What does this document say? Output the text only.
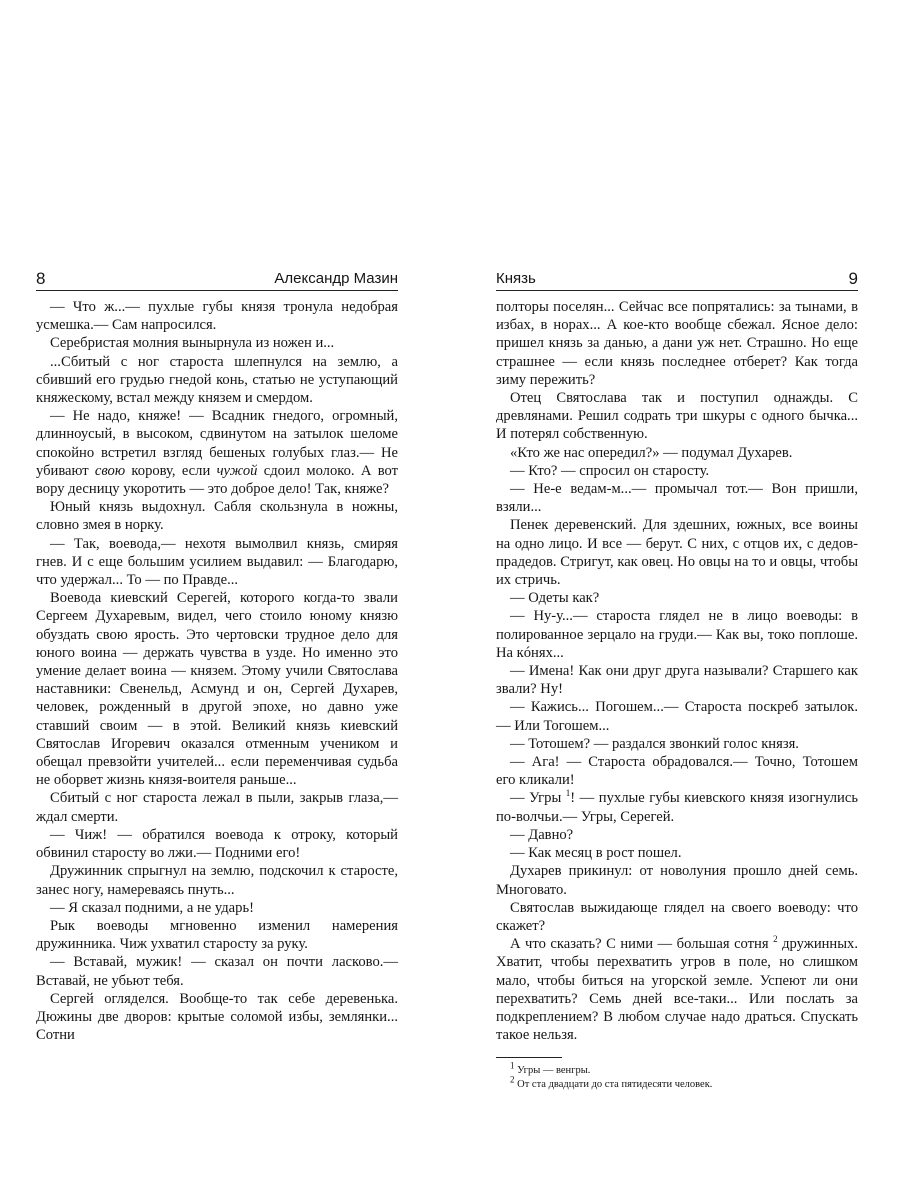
8	Александр Мазин

— Что ж...— пухлые губы князя тронула недобрая усмешка.— Сам напросился.

Серебристая молния вынырнула из ножен и...

...Сбитый с ног староста шлепнулся на землю, а сбивший его грудью гнедой конь, статью не уступающий княжескому, встал между князем и смердом.

— Не надо, княже! — Всадник гнедого, огромный, длинноусый, в высоком, сдвинутом на затылок шеломе спокойно встретил взгляд бешеных голубых глаз.— Не убивают свою корову, если чужой сдоил молоко. А вот вору десницу укоротить — это доброе дело! Так, княже?

Юный князь выдохнул. Сабля скользнула в ножны, словно змея в норку.

— Так, воевода,— нехотя вымолвил князь, смиряя гнев. И с еще большим усилием выдавил: — Благодарю, что удержал... То — по Правде...

Воевода киевский Серегей, которого когда-то звали Сергеем Духаревым, видел, чего стоило юному князю обуздать свою ярость. Это чертовски трудное дело для юного воина — держать чувства в узде. Но именно это умение делает воина — князем. Этому учили Святослава наставники: Свенельд, Асмунд и он, Сергей Духарев, человек, рожденный в другой эпохе, но давно уже ставший своим — в этой. Великий князь киевский Святослав Игоревич оказался отменным учеником и обещал превзойти учителей... если переменчивая судьба не оборвет жизнь князя-воителя раньше...

Сбитый с ног староста лежал в пыли, закрыв глаза,— ждал смерти.

— Чиж! — обратился воевода к отроку, который обвинил старосту во лжи.— Подними его!

Дружинник спрыгнул на землю, подскочил к старосте, занес ногу, намереваясь пнуть...

— Я сказал подними, а не ударь!

Рык воеводы мгновенно изменил намерения дружинника. Чиж ухватил старосту за руку.

— Вставай, мужик! — сказал он почти ласково.— Вставай, не убьют тебя.

Сергей огляделся. Вообще-то так себе деревенька. Дюжины две дворов: крытые соломой избы, землянки... Сотни

Князь	9

полторы поселян... Сейчас все попрятались: за тынами, в избах, в норах... А кое-кто вообще сбежал. Ясное дело: пришел князь за данью, а дани уж нет. Страшно. Но еще страшнее — если князь последнее отберет? Как тогда зиму пережить?

Отец Святослава так и поступил однажды. С древлянами. Решил содрать три шкуры с одного бычка... И потерял собственную.

«Кто же нас опередил?» — подумал Духарев.

— Кто? — спросил он старосту.

— Не-е ведам-м...— промычал тот.— Вон пришли, взяли...

Пенек деревенский. Для здешних, южных, все воины на одно лицо. И все — берут. С них, с отцов их, с дедов-прадедов. Стригут, как овец. Но овцы на то и овцы, чтобы их стричь.

— Одеты как?

— Ну-у...— староста глядел не в лицо воеводы: в полированное зерцало на груди.— Как вы, токо поплоше. На кóнях...

— Имена! Как они друг друга называли? Старшего как звали? Ну!

— Кажись... Погошем...— Староста поскреб затылок.— Или Тогошем...

— Тотошем? — раздался звонкий голос князя.

— Ага! — Староста обрадовался.— Точно, Тотошем его кликали!

— Угры $^1$! — пухлые губы киевского князя изогнулись по-волчьи.— Угры, Серегей.

— Давно?

— Как месяц в рост пошел.

Духарев прикинул: от новолуния прошло дней семь. Многовато.

Святослав выжидающе глядел на своего воеводу: что скажет?

А что сказать? С ними — большая сотня $^2$ дружинных. Хватит, чтобы перехватить угров в поле, но слишком мало, чтобы биться на угорской земле. Успеют ли они перехватить? Семь дней все-таки... Или послать за подкреплением? В любом случае надо драться. Спускать такое нельзя.

$^1$ Угры — венгры.

$^2$ От ста двадцати до ста пятидесяти человек.
